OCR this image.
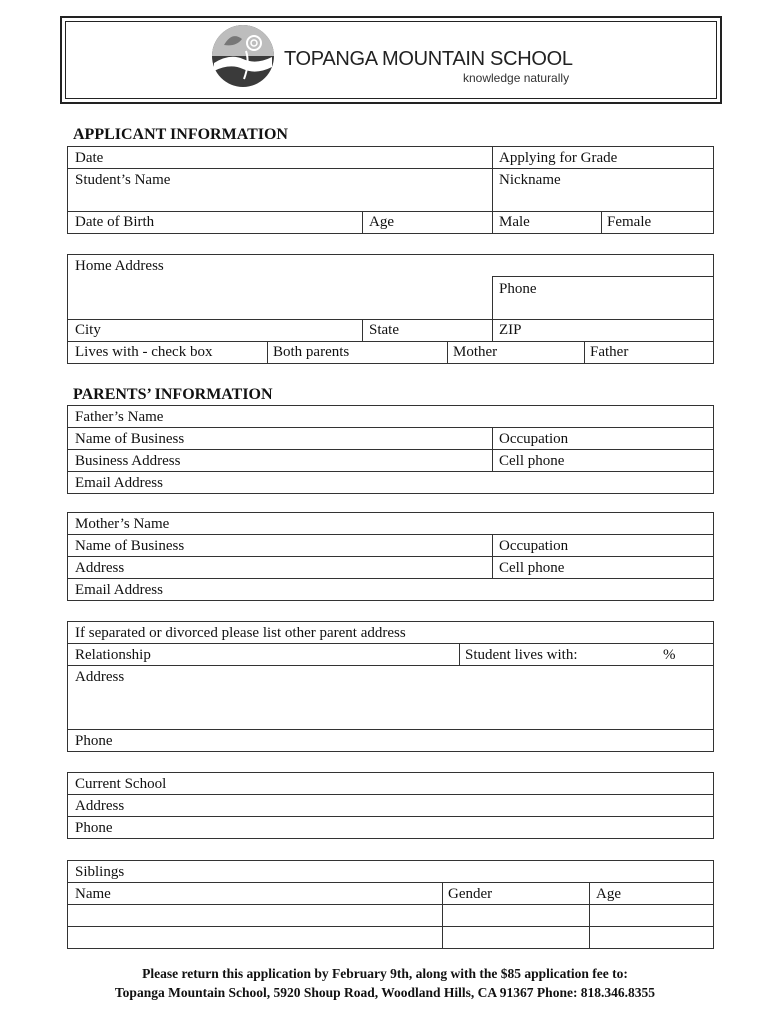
TOPANGA MOUNTAIN SCHOOL
knowledge naturally
APPLICANT INFORMATION
Date	Applying for Grade
Student’s Name	Nickname
Date of Birth	Age	Male	Female
Home Address
Phone
City	State	ZIP
Lives with - check box	Both parents	Mother	Father
PARENTS’ INFORMATION
Father’s Name
Name of Business	Occupation
Business Address	Cell phone
Email Address
Mother’s Name
Name of Business	Occupation
Address	Cell phone
Email Address
If separated or divorced please list other parent address
Relationship	Student lives with:	%
Address
Phone
Current School
Address
Phone
Siblings
Name	Gender	Age
Please return this application by February 9th, along with the $85 application fee to:
Topanga Mountain School, 5920 Shoup Road, Woodland Hills, CA 91367 Phone: 818.346.8355
